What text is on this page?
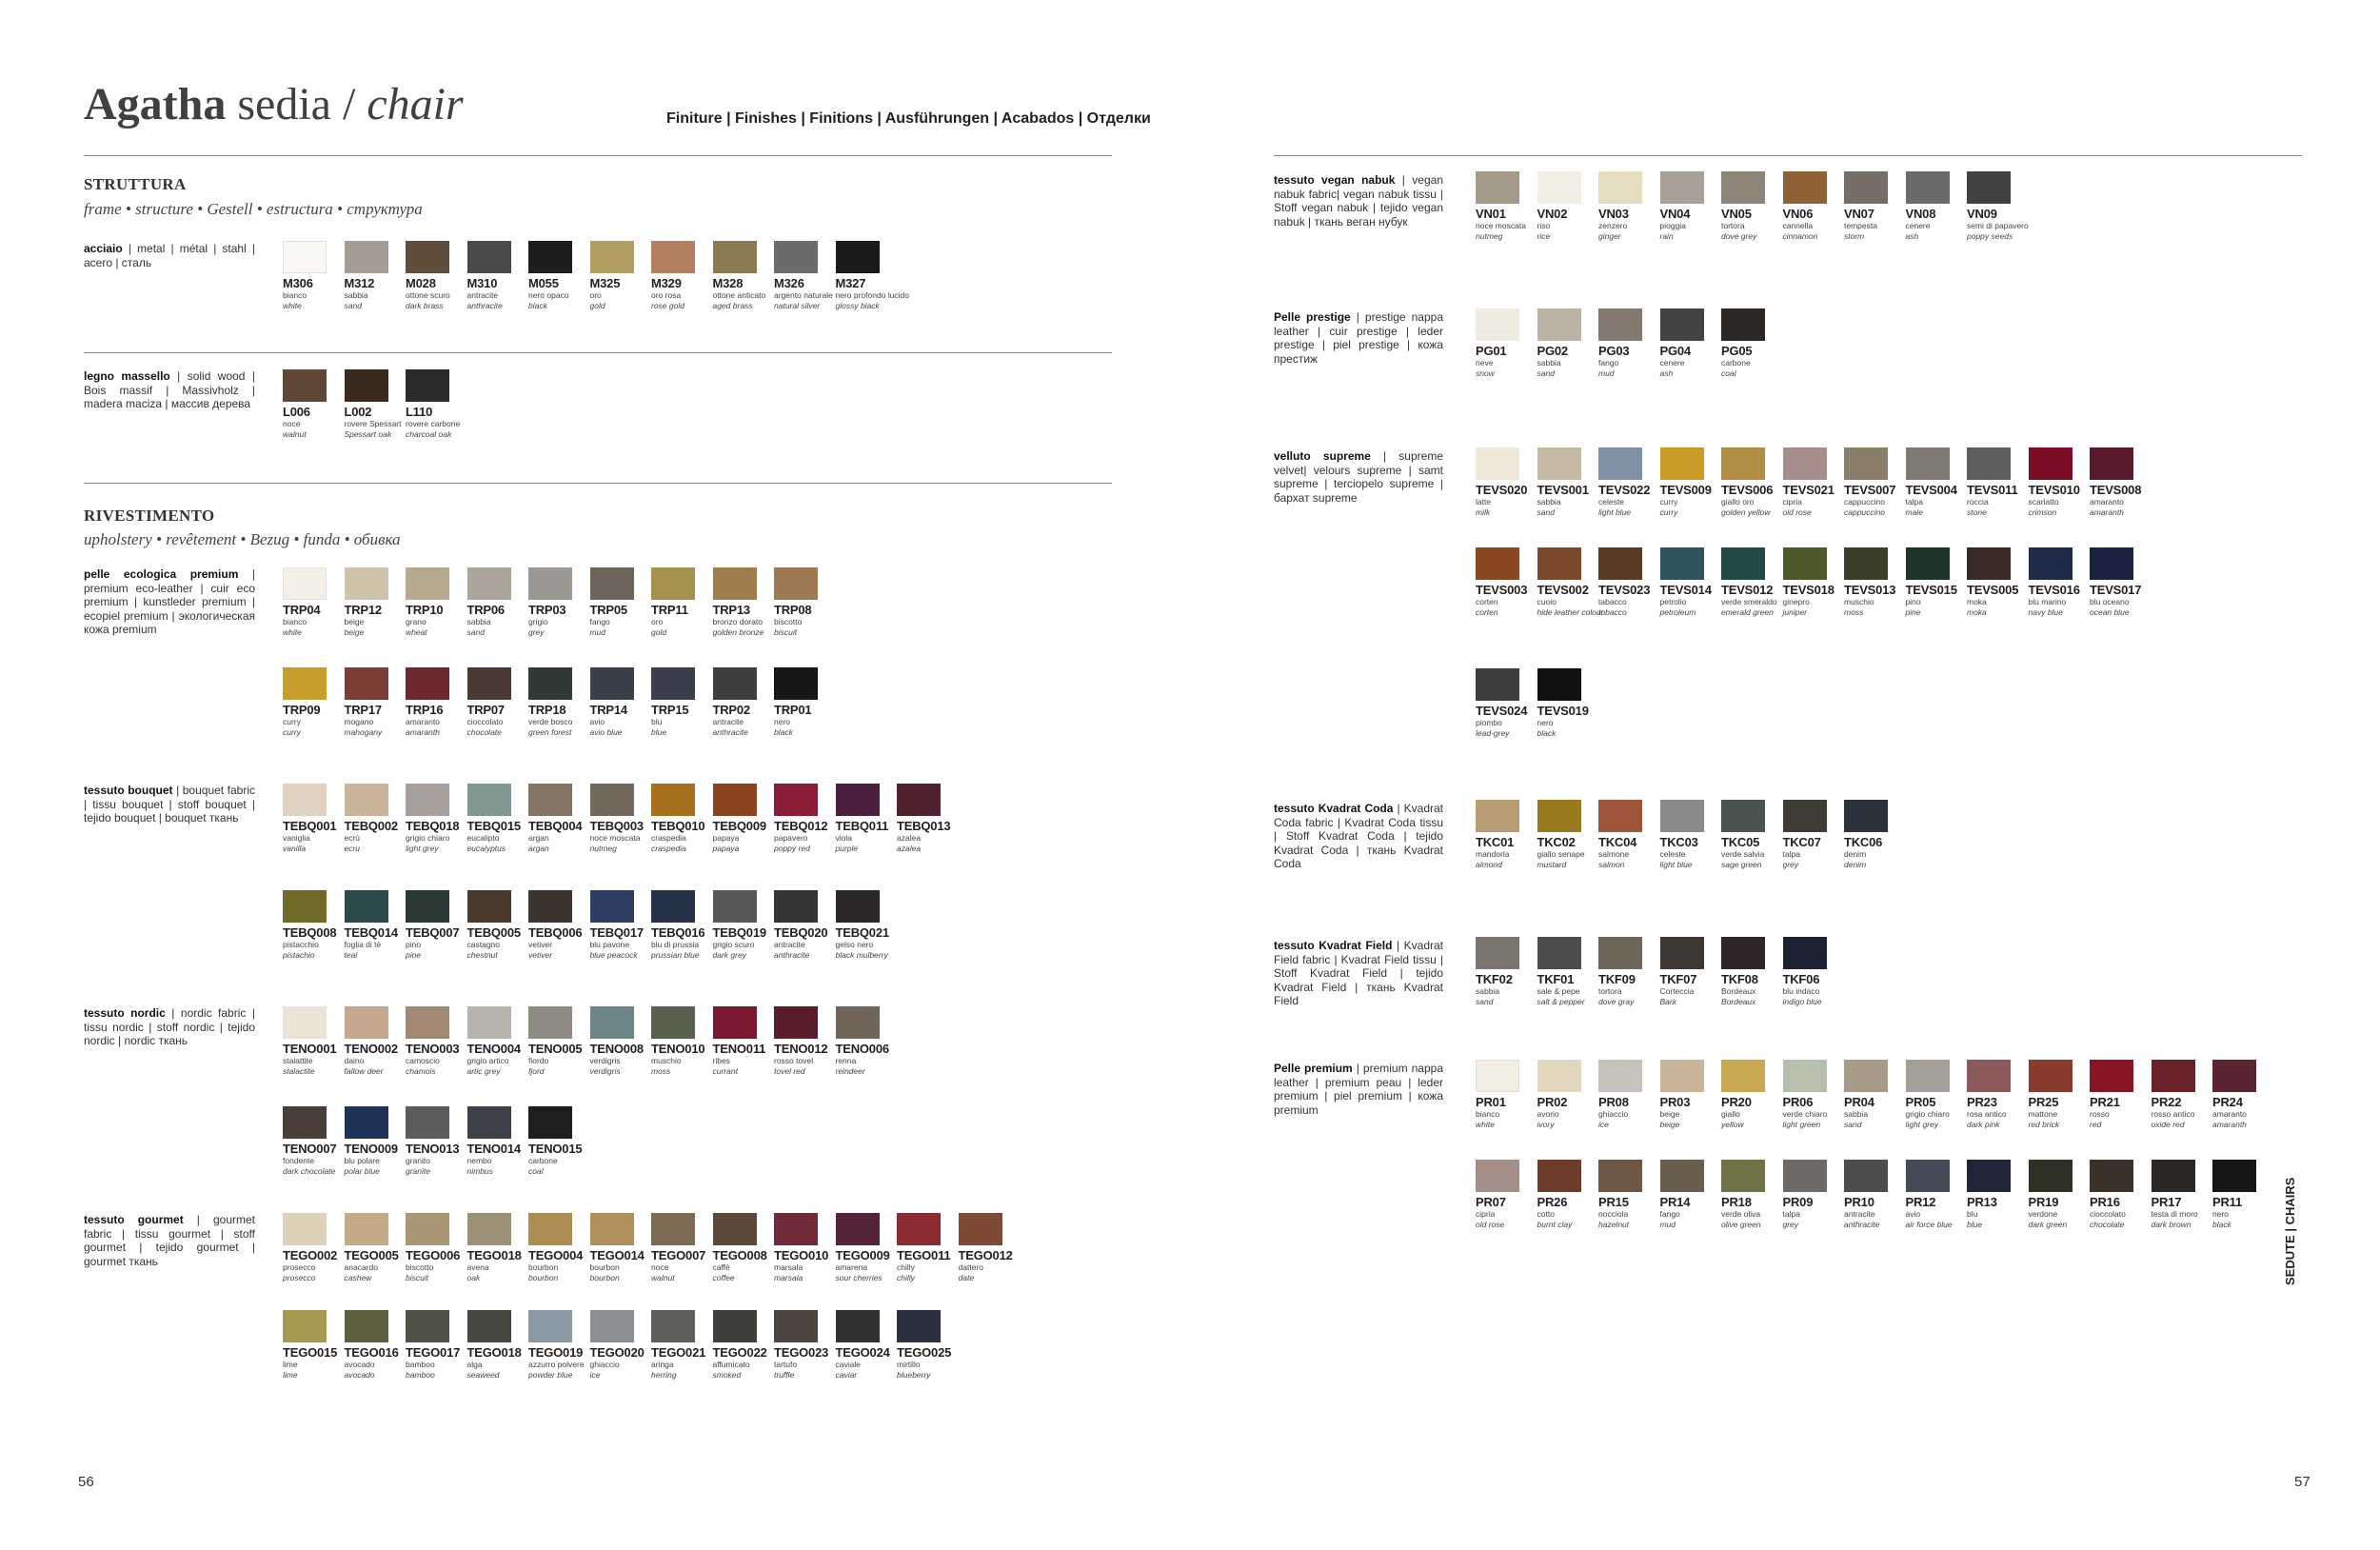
Agatha sedia / chair	Finiture | Finishes | Finitions | Ausführungen | Acabados | Отделки
STRUTTURA
frame • structure • Gestell • estructura • структура
RIVESTIMENTO
upholstery • revêtement • Bezug • funda • обивка
56
acciaio | metal | métal | stahl | acero | сталь
M306
bianco
white
M312
sabbia
sand
M028
ottone scuro
dark brass
M310
antracite
anthracite
M055
nero opaco
black
M325
oro
gold
M329
oro rosa
rose gold
M328
ottone anticato
aged brass
M326
argento naturale
natural silver
M327
nero profondo lucido
glossy black
legno massello | solid wood | Bois massif | Massivholz | madera maciza | массив дерева
L006
noce
walnut
L002
rovere Spessart
Spessart oak
L110
rovere carbone
charcoal oak
pelle ecologica premium | premium eco-leather | cuir eco premium | kunstleder premium | ecopiel premium | экологическая кожа premium
TRP04
bianco
white
TRP12
beige
beige
TRP10
grano
wheat
TRP06
sabbia
sand
TRP03
grigio
grey
TRP05
fango
mud
TRP11
oro
gold
TRP13
bronzo dorato
golden bronze
TRP08
biscotto
biscuit
TRP09
curry
curry
TRP17
mogano
mahogany
TRP16
amaranto
amaranth
TRP07
cioccolato
chocolate
TRP18
verde bosco
green forest
TRP14
avio
avio blue
TRP15
blu
blue
TRP02
antracite
anthracite
TRP01
nero
black
tessuto bouquet | bouquet fabric | tissu bouquet | stoff bouquet | tejido bouquet | bouquet ткань
TEBQ001
vaniglia
vanilla
TEBQ002
ecrù
ecru
TEBQ018
grigio chiaro
light grey
TEBQ015
eucalipto
eucalyptus
TEBQ004
argan
argan
TEBQ003
noce moscata
nutmeg
TEBQ010
craspedia
craspedia
TEBQ009
papaya
papaya
TEBQ012
papavero
poppy red
TEBQ011
viola
purple
TEBQ013
azalea
azalea
TEBQ008
pistacchio
pistachio
TEBQ014
foglia di tè
teal
TEBQ007
pino
pine
TEBQ005
castagno
chestnut
TEBQ006
vetiver
vetiver
TEBQ017
blu pavone
blue peacock
TEBQ016
blu di prussia
prussian blue
TEBQ019
grigio scuro
dark grey
TEBQ020
antracite
anthracite
TEBQ021
gelso nero
black mulberry
tessuto nordic | nordic fabric | tissu nordic | stoff nordic | tejido nordic | nordic ткань
TENO001
stalattite
stalactite
TENO002
daino
fallow deer
TENO003
camoscio
chamois
TENO004
grigio artico
artic grey
TENO005
fiordo
fjord
TENO008
verdigris
verdigris
TENO010
muschio
moss
TENO011
ribes
currant
TENO012
rosso tovel
tovel red
TENO006
renna
reindeer
TENO007
fondente
dark chocolate
TENO009
blu polare
polar blue
TENO013
granito
granite
TENO014
nembo
nimbus
TENO015
carbone
coal
tessuto gourmet | gourmet fabric | tissu gourmet | stoff gourmet | tejido gourmet | gourmet ткань	TEGO002
prosecco
prosecco
TEGO005
anacardo
cashew
TEGO006
biscotto
biscuit
TEGO018
avena
oak
TEGO004
bourbon
bourbon
TEGO014
bourbon
bourbon
TEGO007
noce
walnut
TEGO008
caffè
coffee
TEGO010
marsala
marsala
TEGO009
amarena
sour cherries
TEGO011
chilly
chilly
TEGO012
dattero
date
TEGO015
lime
lime
TEGO016
avocado
avocado
TEGO017
bamboo
bamboo
TEGO018
alga
seaweed
TEGO019
azzurro polvere
powder blue
TEGO020
ghiaccio
ice
TEGO021
aringa
herring
TEGO022
affumicato
smoked
TEGO023
tartufo
truffle
TEGO024
caviale
caviar
TEGO025
mirtillo
blueberry
57
tessuto vegan nabuk | vegan nabuk fabric| vegan nabuk tissu | Stoff vegan nabuk | tejido vegan nabuk | ткань веган нубук
VN01
noce moscata
nutmeg
VN02
riso
rice
VN03
zenzero
ginger
VN04
pioggia
rain
VN05
tortora
dove grey
VN06
cannella
cinnamon
VN07
tempesta
storm
VN08
cenere
ash
VN09
semi di papavero
poppy seeds
Pelle prestige | prestige nappa leather | cuir prestige | leder prestige | piel prestige | кожа престиж
PG01
neve
snow
PG02
sabbia
sand
PG03
fango
mud
PG04
cenere
ash
PG05
carbone
coal
velluto supreme | supreme velvet| velours supreme | samt supreme | terciopelo supreme | бархат supreme
TEVS020
latte
milk
TEVS001
sabbia
sand
TEVS022
celeste
light blue
TEVS009
curry
curry
TEVS006
giallo oro
golden yellow
TEVS021
cipria
old rose
TEVS007
cappuccino
cappuccino
TEVS004
talpa
male
TEVS011
roccia
stone
TEVS010
scarlatto
crimson
TEVS008
amaranto
amaranth
TEVS003
corten
corten
TEVS002
cuoio
hide leather colour
TEVS023
tabacco
tobacco
TEVS014
petrolio
petroleum
TEVS012
verde smeraldo
emerald green
TEVS018
ginepro
juniper
TEVS013
muschio
moss
TEVS015
pino
pine
TEVS005
moka
moka
TEVS016
blu marino
navy blue
TEVS017
blu oceano
ocean blue
TEVS024
piombo
lead-grey
TEVS019
nero
black
tessuto Kvadrat Coda | Kvadrat Coda fabric | Kvadrat Coda tissu | Stoff Kvadrat Coda | tejido Kvadrat Coda | ткань Kvadrat Coda
TKC01
mandorla
almond
TKC02
giallo senape
mustard
TKC04
salmone
salmon
TKC03
celeste
light blue
TKC05
verde salvia
sage green
TKC07
talpa
grey
TKC06
denim
denim
tessuto Kvadrat Field | Kvadrat Field fabric | Kvadrat Field tissu | Stoff Kvadrat Field | tejido Kvadrat Field | ткань Kvadrat Field
TKF02
sabbia
sand
TKF01
sale & pepe
salt & pepper
TKF09
tortora
dove gray
TKF07
Corteccia
Bark
TKF08
Bordeaux
Bordeaux
TKF06
blu indaco
indigo blue
Pelle premium | premium nappa leather | premium peau | leder premium | piel premium | кожа premium
PR01
bianco
white
PR02
avorio
ivory
PR08
ghiaccio
ice
PR03
beige
beige
PR20
giallo
yellow
PR06
verde chiaro
light green
PR04
sabbia
sand
PR05
grigio chiaro
light grey
PR23
rosa antico
dark pink
PR25
mattone
red brick
PR21
rosso
red
PR22
rosso antico
oxide red
PR24
amaranto
amaranth
PR07
cipria
old rose
PR26
cotto
burnt clay
PR15
nocciola
hazelnut
PR14
fango
mud
PR18
verde oliva
olive green
PR09
talpa
grey
PR10
antracite
anthracite
PR12
avio
air force blue
PR13
blu
blue
PR19
verdone
dark green
PR16
cioccolato
chocolate
PR17
testa di moro
dark brown
PR11
nero
black	SEDUTE | CHAIRS
